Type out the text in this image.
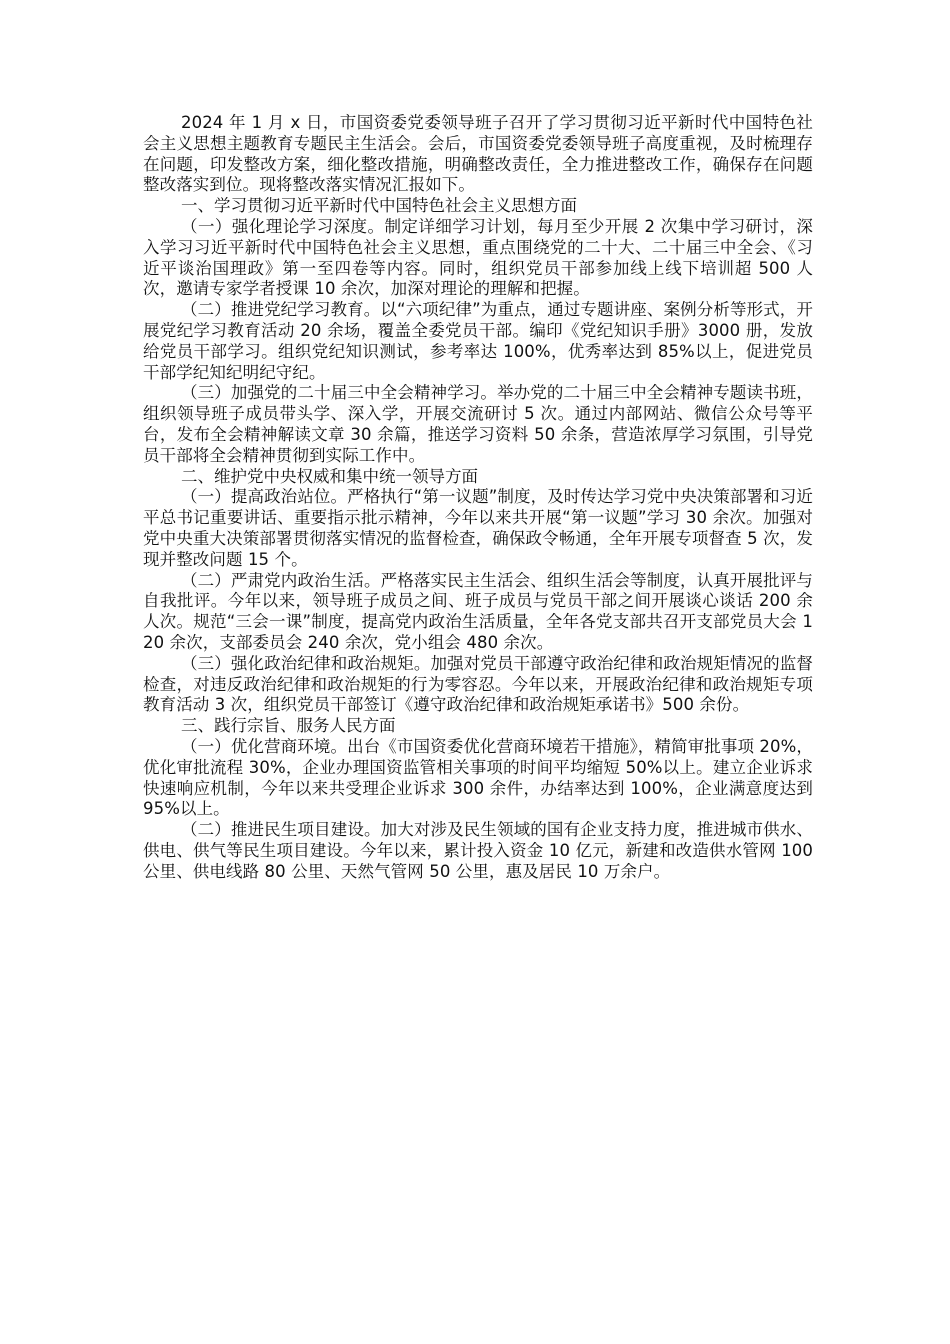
2024 年 1 月 x 日，市国资委党委领导班子召开了学习贯彻习近平新时代中国特色社会主义思想主题教育专题民主生活会。会后，市国资委党委领导班子高度重视，及时梳理存在问题，印发整改方案，细化整改措施，明确整改责任，全力推进整改工作，确保存在问题整改落实到位。现将整改落实情况汇报如下。

一、学习贯彻习近平新时代中国特色社会主义思想方面

（一）强化理论学习深度。制定详细学习计划，每月至少开展 2 次集中学习研讨，深入学习习近平新时代中国特色社会主义思想，重点围绕党的二十大、二十届三中全会、《习近平谈治国理政》第一至四卷等内容。同时，组织党员干部参加线上线下培训超 500 人次，邀请专家学者授课 10 余次，加深对理论的理解和把握。

（二）推进党纪学习教育。以“六项纪律”为重点，通过专题讲座、案例分析等形式，开展党纪学习教育活动 20 余场，覆盖全委党员干部。编印《党纪知识手册》3000 册，发放给党员干部学习。组织党纪知识测试，参考率达 100%，优秀率达到 85%以上，促进党员干部学纪知纪明纪守纪。

（三）加强党的二十届三中全会精神学习。举办党的二十届三中全会精神专题读书班，组织领导班子成员带头学、深入学，开展交流研讨 5 次。通过内部网站、微信公众号等平台，发布全会精神解读文章 30 余篇，推送学习资料 50 余条，营造浓厚学习氛围，引导党员干部将全会精神贯彻到实际工作中。

二、维护党中央权威和集中统一领导方面

（一）提高政治站位。严格执行“第一议题”制度，及时传达学习党中央决策部署和习近平总书记重要讲话、重要指示批示精神，今年以来共开展“第一议题”学习 30 余次。加强对党中央重大决策部署贯彻落实情况的监督检查，确保政令畅通，全年开展专项督查 5 次，发现并整改问题 15 个。

（二）严肃党内政治生活。严格落实民主生活会、组织生活会等制度，认真开展批评与自我批评。今年以来，领导班子成员之间、班子成员与党员干部之间开展谈心谈话 200 余人次。规范“三会一课”制度，提高党内政治生活质量，全年各党支部共召开支部党员大会 120 余次，支部委员会 240 余次，党小组会 480 余次。

（三）强化政治纪律和政治规矩。加强对党员干部遵守政治纪律和政治规矩情况的监督检查，对违反政治纪律和政治规矩的行为零容忍。今年以来，开展政治纪律和政治规矩专项教育活动 3 次，组织党员干部签订《遵守政治纪律和政治规矩承诺书》500 余份。

三、践行宗旨、服务人民方面

（一）优化营商环境。出台《市国资委优化营商环境若干措施》，精简审批事项 20%，优化审批流程 30%，企业办理国资监管相关事项的时间平均缩短 50%以上。建立企业诉求快速响应机制，今年以来共受理企业诉求 300 余件，办结率达到 100%，企业满意度达到 95%以上。

（二）推进民生项目建设。加大对涉及民生领域的国有企业支持力度，推进城市供水、供电、供气等民生项目建设。今年以来，累计投入资金 10 亿元，新建和改造供水管网 100 公里、供电线路 80 公里、天然气管网 50 公里，惠及居民 10 万余户。
